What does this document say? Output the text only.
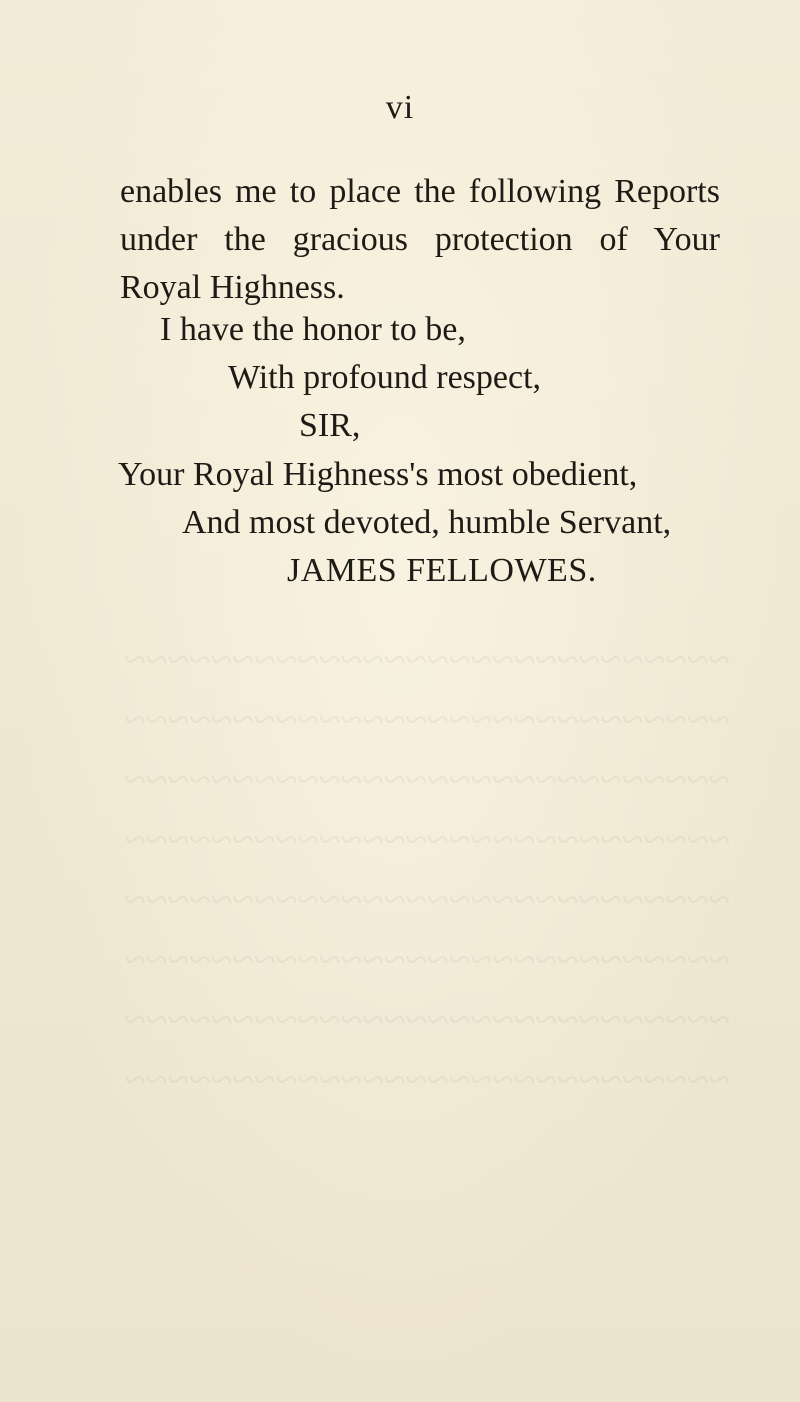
~~~~~~~~~~~~~~~~~~~~~~~~~~~~
~~~~~~~~~~~~~~~~~~~~~~~~~~~~
~~~~~~~~~~~~~~~~~~~~~~~~~~~~
~~~~~~~~~~~~~~~~~~~~~~~~~~~~
~~~~~~~~~~~~~~~~~~~~~~~~~~~~
~~~~~~~~~~~~~~~~~~~~~~~~~~~~
~~~~~~~~~~~~~~~~~~~~~~~~~~~~
~~~~~~~~~~~~~~~~~~~~~~~~~~~~
vi
enables me to place the following Reports
under the gracious protection of Your
Royal Highness.
I have the honor to be,
With profound respect,
SIR,
Your Royal Highness's most obedient,
And most devoted, humble Servant,
JAMES FELLOWES.
